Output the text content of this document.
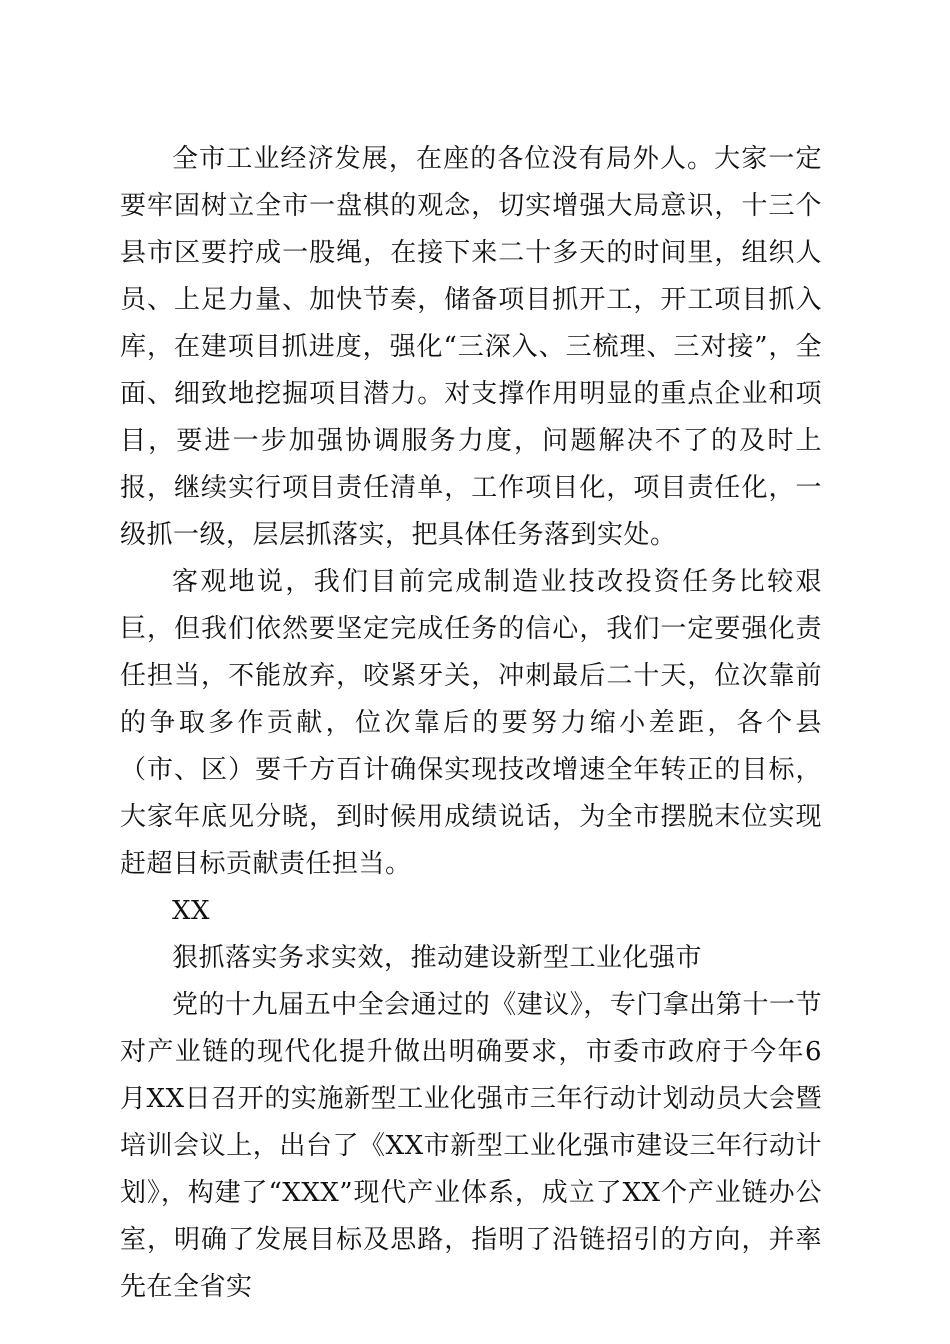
全市工业经济发展，在座的各位没有局外人。大家一定要牢固树立全市一盘棋的观念，切实增强大局意识，十三个县市区要拧成一股绳，在接下来二十多天的时间里，组织人员、上足力量、加快节奏，储备项目抓开工，开工项目抓入库，在建项目抓进度，强化“三深入、三梳理、三对接”，全面、细致地挖掘项目潜力。对支撑作用明显的重点企业和项目，要进一步加强协调服务力度，问题解决不了的及时上报，继续实行项目责任清单，工作项目化，项目责任化，一级抓一级，层层抓落实，把具体任务落到实处。

客观地说，我们目前完成制造业技改投资任务比较艰巨，但我们依然要坚定完成任务的信心，我们一定要强化责任担当，不能放弃，咬紧牙关，冲刺最后二十天，位次靠前的争取多作贡献，位次靠后的要努力缩小差距，各个县（市、区）要千方百计确保实现技改增速全年转正的目标，大家年底见分晓，到时候用成绩说话，为全市摆脱末位实现赶超目标贡献责任担当。

XX

狠抓落实务求实效，推动建设新型工业化强市

党的十九届五中全会通过的《建议》，专门拿出第十一节对产业链的现代化提升做出明确要求，市委市政府于今年6月XX日召开的实施新型工业化强市三年行动计划动员大会暨培训会议上，出台了《XX市新型工业化强市建设三年行动计划》，构建了“XXX”现代产业体系，成立了XX个产业链办公室，明确了发展目标及思路，指明了沿链招引的方向，并率先在全省实
